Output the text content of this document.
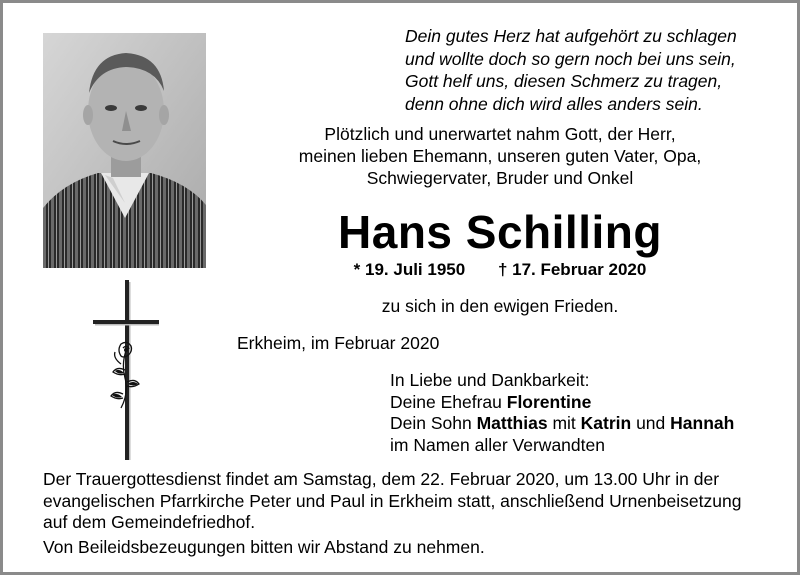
Dein gutes Herz hat aufgehört zu schlagen
und wollte doch so gern noch bei uns sein,
Gott helf uns, diesen Schmerz zu tragen,
denn ohne dich wird alles anders sein.
Plötzlich und unerwartet nahm Gott, der Herr,
meinen lieben Ehemann, unseren guten Vater, Opa,
Schwiegervater, Bruder und Onkel
Hans Schilling
* 19. Juli 1950 † 17. Februar 2020
zu sich in den ewigen Frieden.
Erkheim, im Februar 2020
In Liebe und Dankbarkeit:
Deine Ehefrau Florentine
Dein Sohn Matthias mit Katrin und Hannah
im Namen aller Verwandten
Der Trauergottesdienst findet am Samstag, dem 22. Februar 2020, um 13.00 Uhr in der
evangelischen Pfarrkirche Peter und Paul in Erkheim statt, anschließend Urnenbeisetzung
auf dem Gemeindefriedhof.
Von Beileidsbezeugungen bitten wir Abstand zu nehmen.
